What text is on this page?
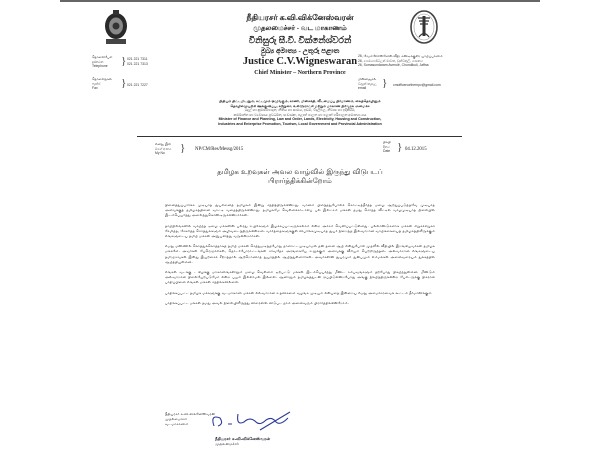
நீதியரசர் க.வி.விக்னேஸ்வரன்
முதலமைச்சர் - வட மாகாணம்
විනිසුරු සී.වී. වික්නේශ්වරන්
මුඛ්‍ය අමාත්‍ය - උතුරු පළාත
Justice C.V.Wigneswaran
Chief Minister – Northern Province
தொலைபேசி
දුරකථන
Telephone	} 021 221 7311
021 221 7313
தொலைநகல்
ෆැක්ස්
Fax	} 021 221 7227
26, சேமாலோஸ்ஸேன் வீதி, சுண்டிக்குளி, யாழ்ப்பாணம்
26, සෙමර්සෙට්ලන් මාවත, චුන්ඩිකුලි, යාපනය
26, Somasundaram Avenue, Chundikuli, Jaffna
மின்னஞ்சல்
විද්‍යුත් තැපෑල
email	} cmofficenorthernpc@gmail.com
நிதியும் திட்டமிடலும், சட்டமும் ஒழுங்கும், காணி, மின்சக்தி, வீடமைப்பு நிர்மாணம், கைத்தொழிலும்
தொழில்முயற்சி ஊக்குவிப்பு, சுற்றுலா, உள்ளூராட்சி மற்றும் மாகாண நிர்வாக அமைச்சு
මුදල් හා ක්‍රමසම්පාදන, නීතිය හා සාමය, ඉඩම්, විදුලිබල, නිවාස හා ඉදිකිරීම්,
කර්මාන්ත හා ව්‍යවසාය ප්‍රවර්ධන, සංචාරක, පළාත් පාලන හා පළාත් පරිපාලන අමාත්‍යාංශය
Minister of Finance and Planning, Law and Order, Lands, Electricity, Housing and Construction,
Industries and Enterprise Promotion, Tourism, Local Government and Provincial Administration
எனது இல
මගේ අංකය
My No	} NP/CM/Res/Messg/2015
திகதி
දිනය
Date } 04.12.2015
தமிழக உறவுகள் அவல வாழ்வில் இருந்து விடுபடப்
பிரார்த்திக்கின்றோம்

நினைத்துப்பார்க்க முடியாத துயரினைத் தமிழகம் இன்று சந்தித்திருக்கின்றது. வானம் பிளந்ததுபோலக் கொட்டித்தீர்த்த மழை ஆற்றுப்படுத்தவே முடியாத அளவுக்குத் தமிழகத்தினை வாட்டி வதைத்திருக்கின்றது. தமிழகமே வெள்ளக்காடாகிப் பல இலட்சம் மக்கள் தமது சொந்த வீட்டில் வாழமுடியாத நிலையில் இடம்பெயர்ந்து அலைந்துகொண்டிருக்கின்றார்கள்.

தாழ்நிலங்களில் வாழ்ந்த ஏழை மக்களின் பலரது உயிர்களும் இழக்கப்பட்டிருக்கலாம் என்ற அச்சம் வெளிப்பட்டுள்ளது. பல்லாண்டுகளாக மக்கள் சிறுகச்சிறுகச் சேமித்த, சேகரித்த சொத்துக்களும் அழிவடைந்திருக்கின்றன. வார்த்தைகளுக்குள் விபரிக்கமுடியாத துயர் நிறைந்த இவ்வாறான வாழ்க்கையைத் தமிழகத்திலிருக்கும் எங்களுடைய தமிழ் மக்கள் அனுபவித்து வருகின்றார்கள்.

எமது மண்ணில் கொத்துக்கொத்தாகத் தமிழ் மக்கள் செத்துமடிந்தபோது தாளாட்டமுடியாமல் தன் தனை ஆழ் என்றுபோல முதலில் வீதியில் இறங்கியவர்கள் தமிழக மக்களே. அவர்கள் பேரெழுச்சிகள், தொடர்போராட்டங்கள் சர்வதேச அரங்கையே உலுக்கும் அளவுக்கு வீரியம் பெற்றிருந்தன. அவ்வாறான எங்களுடைய தமிழுறவுகள் இன்று இயற்கைச் சீற்றத்தால் ஆற்றொணாத் துயரத்தில் ஆழ்ந்துள்ளார்கள். அவர்களின் துயரமும் துன்பமும் எம்மக்கள் அனைவரையும் துக்கத்தில் ஆழ்த்தியுள்ளன.

எங்கள் வடக்கு - கிழக்கு மாகாணங்களிலும் மழை வெள்ளம் ஏற்பட்டு மக்கள் இடம்பெயர்ந்து மீண்ட சம்பவங்களும் தற்போது நிகழ்ந்துள்ளன. மீண்டும் அவ்வாறான நிலையேற்படுமோ என்ற பயம் இல்லாமல் இல்லை. ஆனாலும் தமிழகத்துடன் ஒப்பிடுகின்றபோது அங்கு நிகழ்ந்திருக்கின்ற பேரிடருக்கு நிகரான பாதிப்பினை எங்கள் மக்கள் சந்திக்கவில்லை.

பாதிக்கப்பட்ட தமிழக மக்களுக்கு வடமாகாண மக்கள் எவ்வாறான உதவிகளை வழங்க முடியும் என்பதை இன்றைய எமது அமைச்சரவைக் கூட்டம் தீர்மானிக்கும்.

பாதிக்கப்பட்ட மக்கள் தமது அவல நிலையிலிருந்து விரைவில் விடுபட நாம் அனைவரும் பிரார்த்திக்கின்றோம்.

நீதியரசர் க.வி.விக்னேஸ்வரன்
முதலமைச்சர்
வடமாகாணம்
நீதியரசர் க.வி.விக்னேஸ்வரன்
முதலமைச்சர்
